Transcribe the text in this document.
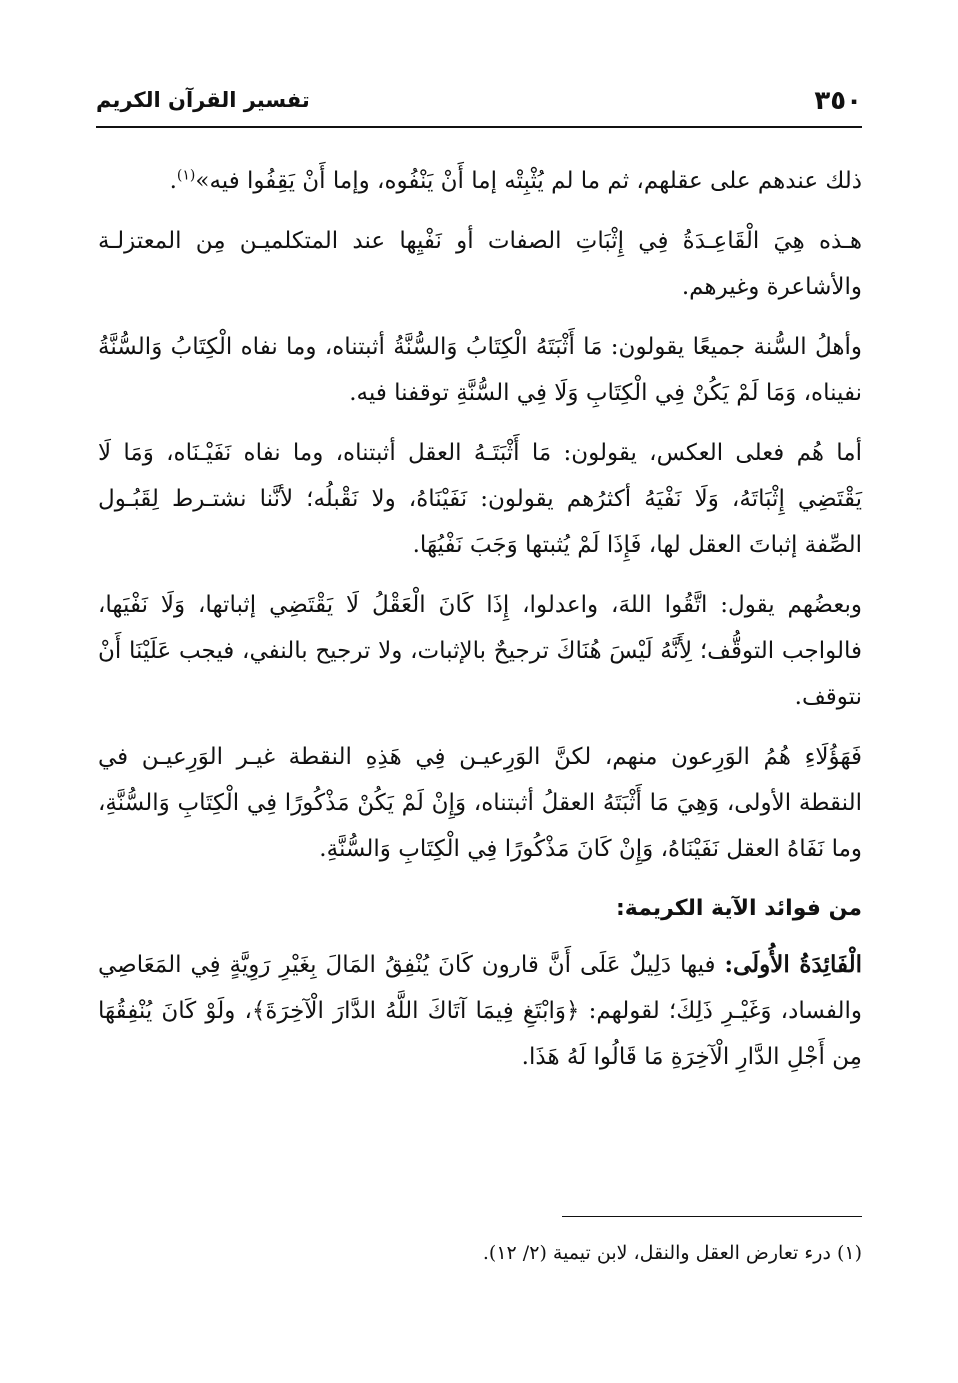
٣٥٠
تفسير القرآن الكريم

ذلك عندهم على عقلهم، ثم ما لم يُثْبِتْه إما أَنْ يَنْفُوه، وإما أَنْ يَقِفُوا فيه»$^{(١)}$.

هـذه هِيَ الْقَاعِـدَةُ فِي إِثْبَاتِ الصفات أو نَفْيِها عند المتكلميـن مِن المعتزلـة والأشاعرة وغيرهم.

وأهلُ السُّنة جميعًا يقولون: مَا أَثْبَتَهُ الْكِتَابُ وَالسُّنَّةُ أثبتناه، وما نفاه الْكِتَابُ وَالسُّنَّةُ نفيناه، وَمَا لَمْ يَكُنْ فِي الْكِتَابِ وَلَا فِي السُّنَّةِ توقفنا فيه.

أما هُم فعلى العكس، يقولون: مَا أَثْبَتَـهُ العقل أثبتناه، وما نفاه نَفَيْـنَاه، وَمَا لَا يَقْتَضِي إِثْبَاتَهُ، وَلَا نَفْيَهُ أكثرُهم يقولون: نَفَيْنَاهُ، ولا نَقْبلُه؛ لأنَّنا نشتـرط لِقَبُـول الصِّفة إثباتَ العقل لها، فَإِذَا لَمْ يُثبتها وَجَبَ نَفْيُهَا.

وبعضُهم يقول: اتَّقُوا اللهَ، واعدلوا، إِذَا كَانَ الْعَقْلُ لَا يَقْتَضِي إثباتها، وَلَا نَفْيَها، فالواجب التوقُّف؛ لِأَنَّهُ لَيْسَ هُنَاكَ ترجيحٌ بالإثبات، ولا ترجيح بالنفي، فيجب عَلَيْنَا أَنْ نتوقف.

فَهَؤُلَاءِ هُمُ الوَرِعون منهم، لكنَّ الوَرِعيـن فِي هَذِهِ النقطة غيـر الوَرِعيـن في النقطة الأولى، وَهِيَ مَا أَثْبَتَهُ العقلُ أثبتناه، وَإِنْ لَمْ يَكُنْ مَذْكُورًا فِي الْكِتَابِ وَالسُّنَّةِ، وما نَفَاهُ العقل نَفَيْنَاهُ، وَإِنْ كَانَ مَذْكُورًا فِي الْكِتَابِ وَالسُّنَّةِ.

من فوائد الآية الكريمة:

الْفَائِدَةُ الأُولَى: فيها دَلِيلٌ عَلَى أَنَّ قارون كَانَ يُنْفِقُ المَالَ بِغَيْرِ رَوِيَّةٍ فِي المَعَاصِي والفساد، وَغَيْـرِ ذَلِكَ؛ لقولهم: ﴿وَابْتَغِ فِيمَا آتَاكَ اللَّهُ الدَّارَ الْآخِرَةَ﴾، ولَوْ كَانَ يُنْفِقُهَا مِن أَجْلِ الدَّارِ الْآخِرَةِ مَا قَالُوا لَهُ هَذَا.

(١) درء تعارض العقل والنقل، لابن تيمية (٢/ ١٢).
